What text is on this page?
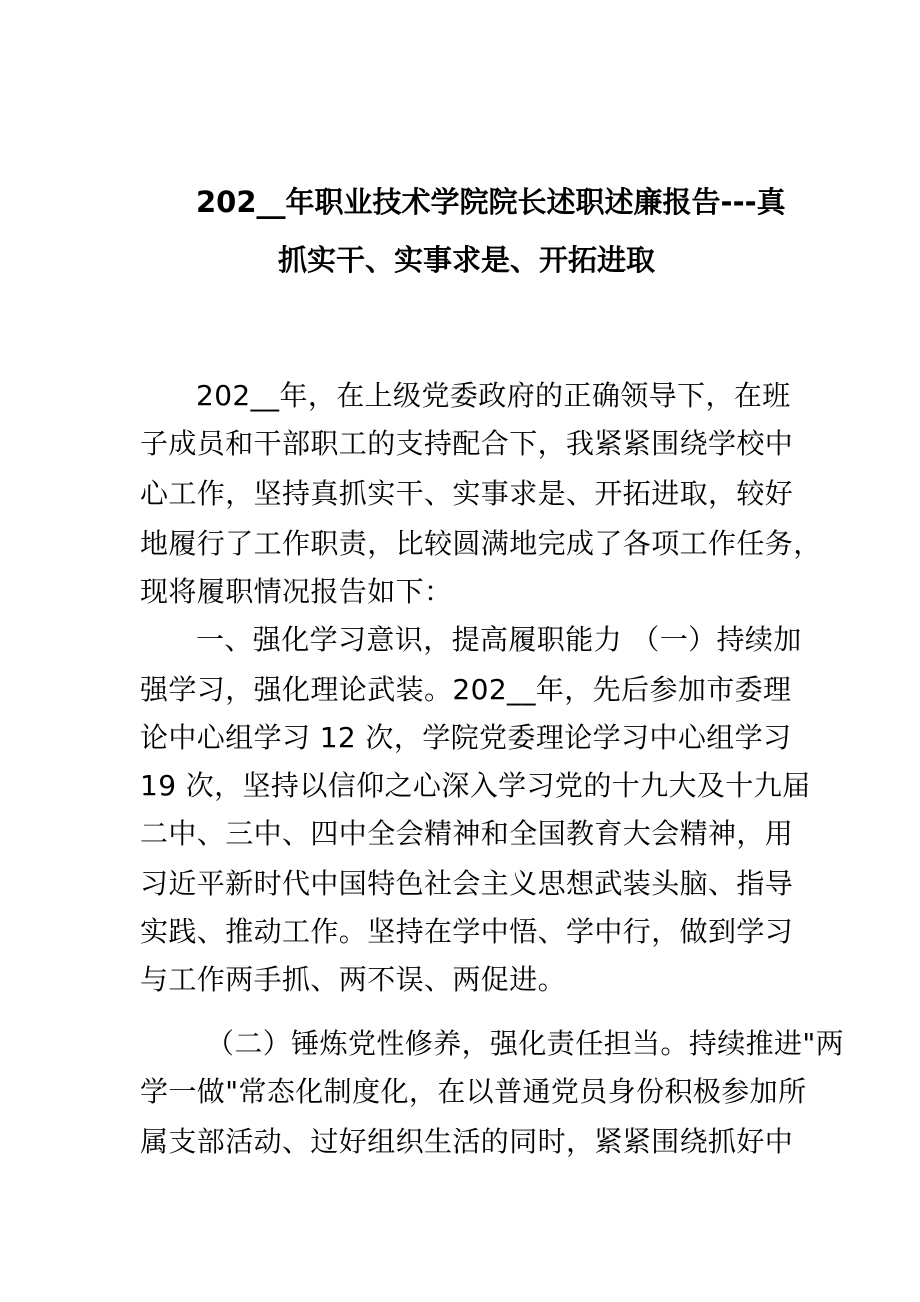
202__年职业技术学院院长述职述廉报告---真
抓实干、实事求是、开拓进取
202__年，在上级党委政府的正确领导下，在班
子成员和干部职工的支持配合下，我紧紧围绕学校中
心工作，坚持真抓实干、实事求是、开拓进取，较好
地履行了工作职责，比较圆满地完成了各项工作任务，
现将履职情况报告如下：
一、强化学习意识，提高履职能力 （一）持续加
强学习，强化理论武装。202__年，先后参加市委理
论中心组学习 12 次，学院党委理论学习中心组学习
19 次，坚持以信仰之心深入学习党的十九大及十九届
二中、三中、四中全会精神和全国教育大会精神，用
习近平新时代中国特色社会主义思想武装头脑、指导
实践、推动工作。坚持在学中悟、学中行，做到学习
与工作两手抓、两不误、两促进。
（二）锤炼党性修养，强化责任担当。持续推进"两
学一做"常态化制度化，在以普通党员身份积极参加所
属支部活动、过好组织生活的同时，紧紧围绕抓好中
